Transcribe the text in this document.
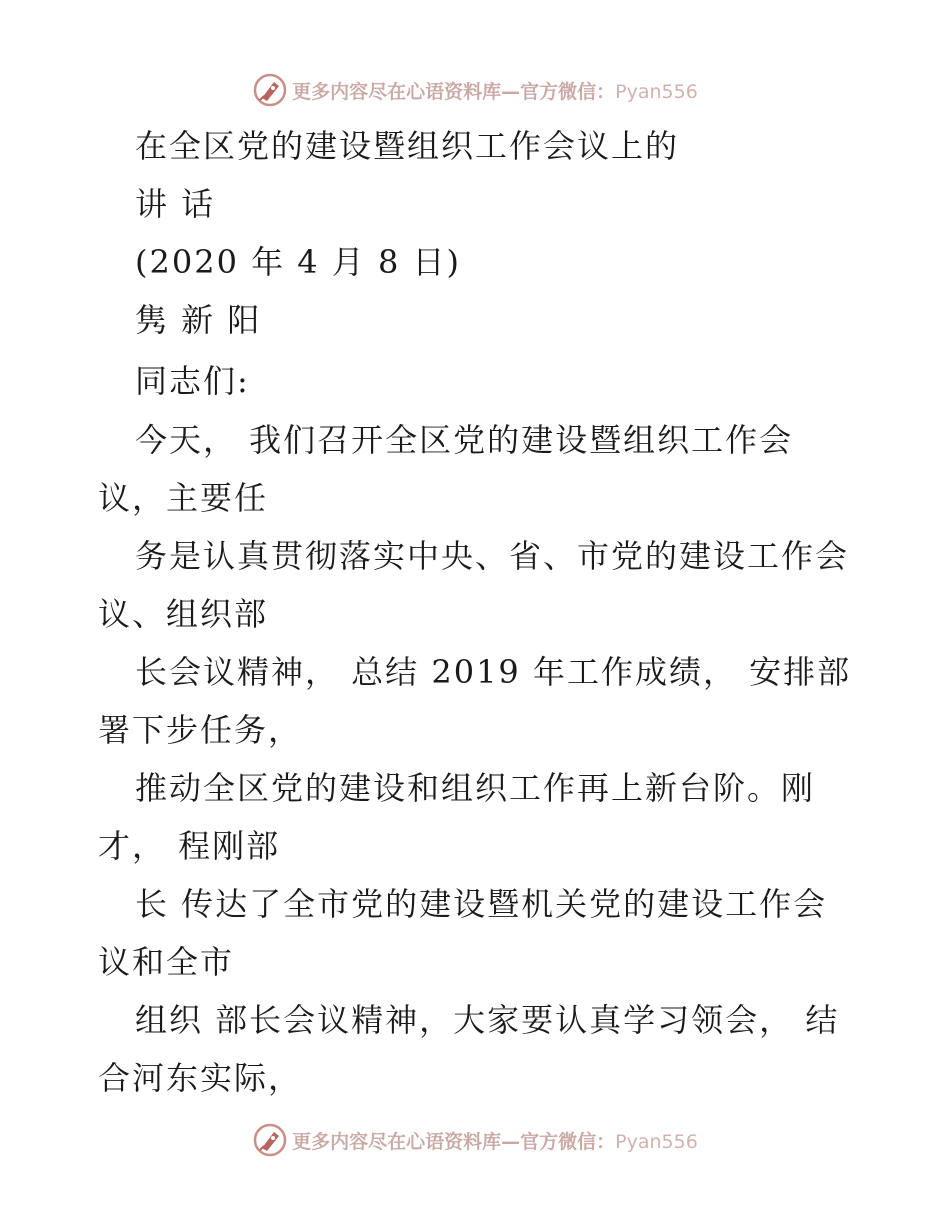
更多内容尽在心语资料库—官方微信：Pyan556
在全区党的建设暨组织工作会议上的
讲 话
(2020 年 4 月 8 日)
隽 新 阳
同志们:
今天， 我们召开全区党的建设暨组织工作会
议，主要任
务是认真贯彻落实中央、省、市党的建设工作会
议、组织部
长会议精神， 总结 2019 年工作成绩， 安排部
署下步任务，
推动全区党的建设和组织工作再上新台阶。刚
才， 程刚部
长 传达了全市党的建设暨机关党的建设工作会
议和全市
组织 部长会议精神，大家要认真学习领会， 结
合河东实际，
更多内容尽在心语资料库—官方微信：Pyan556
